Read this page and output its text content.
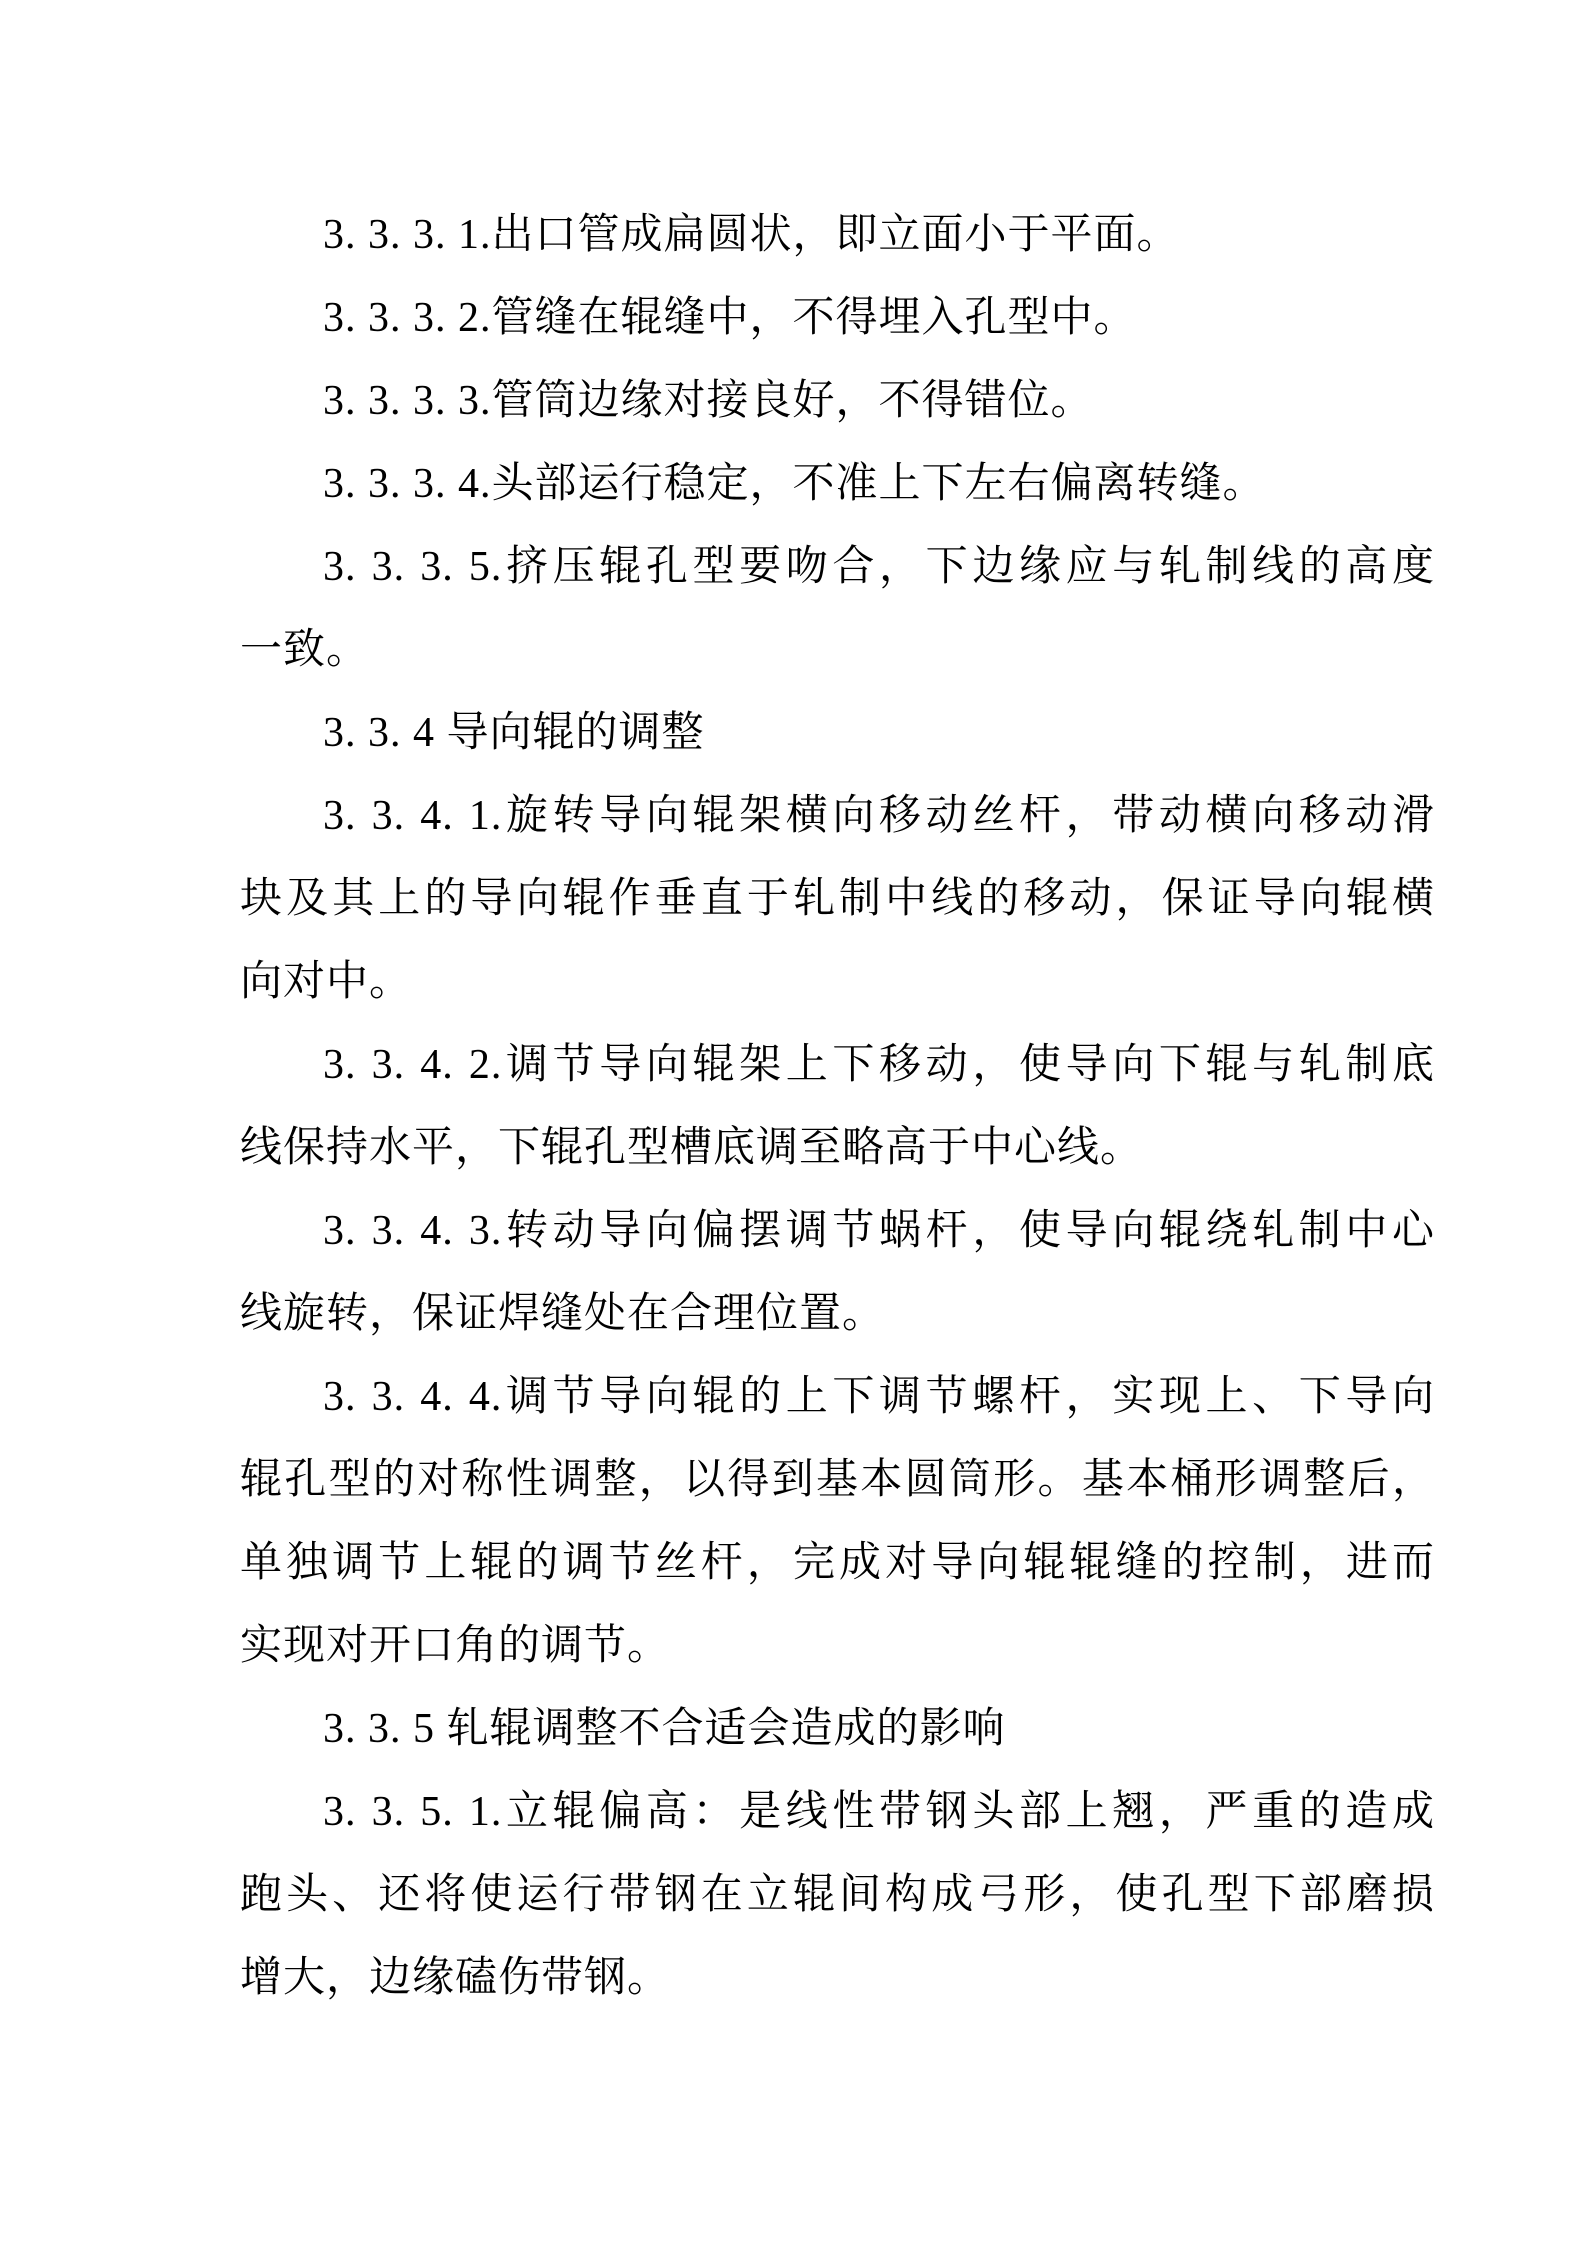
3. 3. 3. 1.出口管成扁圆状，即立面小于平面。
3. 3. 3. 2.管缝在辊缝中，不得埋入孔型中。
3. 3. 3. 3.管筒边缘对接良好，不得错位。
3. 3. 3. 4.头部运行稳定，不准上下左右偏离转缝。
3. 3. 3. 5.挤压辊孔型要吻合，下边缘应与轧制线的高度
一致。
3. 3. 4 导向辊的调整
3. 3. 4. 1.旋转导向辊架横向移动丝杆，带动横向移动滑
块及其上的导向辊作垂直于轧制中线的移动，保证导向辊横
向对中。
3. 3. 4. 2.调节导向辊架上下移动，使导向下辊与轧制底
线保持水平，下辊孔型槽底调至略高于中心线。
3. 3. 4. 3.转动导向偏摆调节蜗杆，使导向辊绕轧制中心
线旋转，保证焊缝处在合理位置。
3. 3. 4. 4.调节导向辊的上下调节螺杆，实现上、下导向
辊孔型的对称性调整，以得到基本圆筒形。基本桶形调整后，
单独调节上辊的调节丝杆，完成对导向辊辊缝的控制，进而
实现对开口角的调节。
3. 3. 5 轧辊调整不合适会造成的影响
3. 3. 5. 1.立辊偏高：是线性带钢头部上翘，严重的造成
跑头、还将使运行带钢在立辊间构成弓形，使孔型下部磨损
增大，边缘磕伤带钢。
